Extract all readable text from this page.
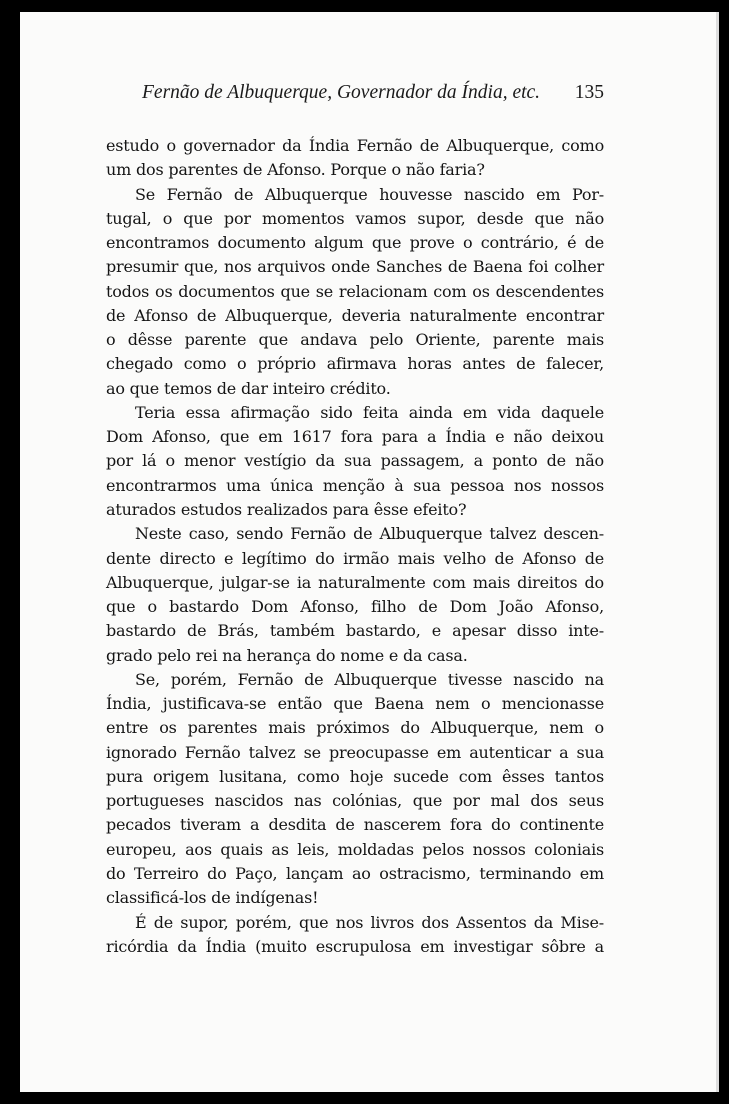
Fernão de Albuquerque, Governador da Índia, etc. 135
estudo o governador da Índia Fernão de Albuquerque, como
um dos parentes de Afonso. Porque o não faria?
Se Fernão de Albuquerque houvesse nascido em Por-
tugal, o que por momentos vamos supor, desde que não
encontramos documento algum que prove o contrário, é de
presumir que, nos arquivos onde Sanches de Baena foi colher
todos os documentos que se relacionam com os descendentes
de Afonso de Albuquerque, deveria naturalmente encontrar
o dêsse parente que andava pelo Oriente, parente mais
chegado como o próprio afirmava horas antes de falecer,
ao que temos de dar inteiro crédito.
Teria essa afirmação sido feita ainda em vida daquele
Dom Afonso, que em 1617 fora para a Índia e não deixou
por lá o menor vestígio da sua passagem, a ponto de não
encontrarmos uma única menção à sua pessoa nos nossos
aturados estudos realizados para êsse efeito?
Neste caso, sendo Fernão de Albuquerque talvez descen-
dente directo e legítimo do irmão mais velho de Afonso de
Albuquerque, julgar-se ia naturalmente com mais direitos do
que o bastardo Dom Afonso, filho de Dom João Afonso,
bastardo de Brás, também bastardo, e apesar disso inte-
grado pelo rei na herança do nome e da casa.
Se, porém, Fernão de Albuquerque tivesse nascido na
Índia, justificava-se então que Baena nem o mencionasse
entre os parentes mais próximos do Albuquerque, nem o
ignorado Fernão talvez se preocupasse em autenticar a sua
pura origem lusitana, como hoje sucede com êsses tantos
portugueses nascidos nas colónias, que por mal dos seus
pecados tiveram a desdita de nascerem fora do continente
europeu, aos quais as leis, moldadas pelos nossos coloniais
do Terreiro do Paço, lançam ao ostracismo, terminando em
classificá-los de indígenas!
É de supor, porém, que nos livros dos Assentos da Mise-
ricórdia da Índia (muito escrupulosa em investigar sôbre a
